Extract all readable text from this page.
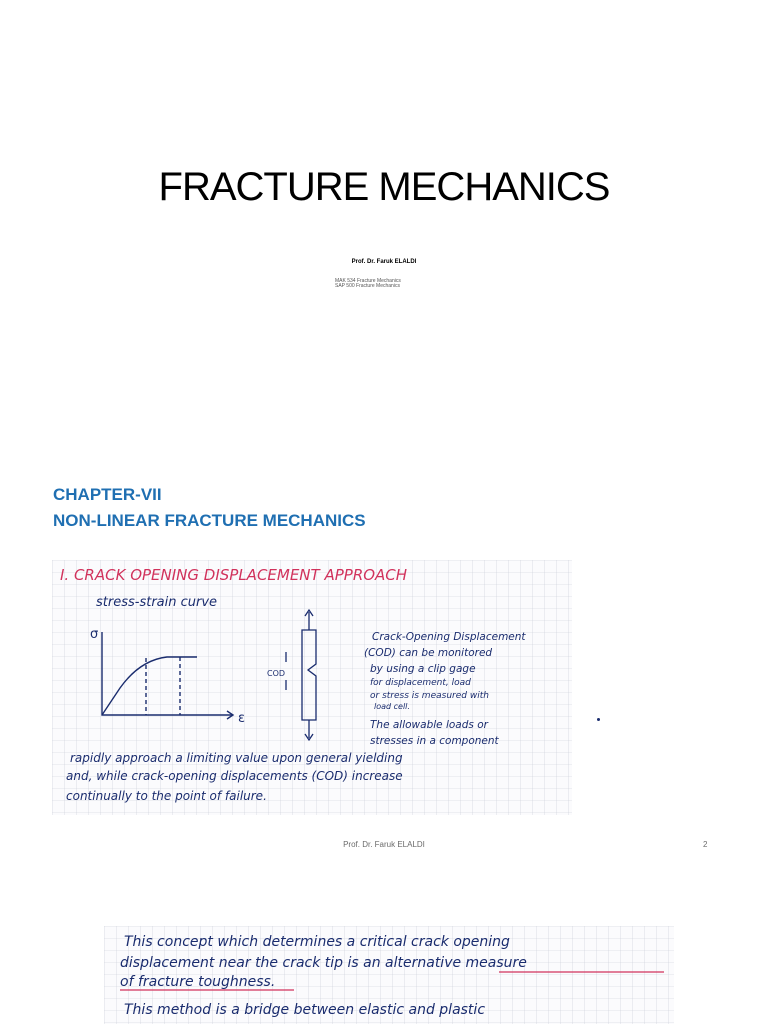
FRACTURE MECHANICS
Prof. Dr. Faruk ELALDI
MAK 534 Fracture Mechanics
SAP 500 Fracture Mechanics
CHAPTER-VII
NON-LINEAR FRACTURE MECHANICS
I. CRACK OPENING DISPLACEMENT APPROACH
stress-strain curve
σ
ε
COD
Crack-Opening Displacement
(COD) can be monitored
by using a clip gage
for displacement, load
or stress is measured with
load cell.
The allowable loads or
stresses in a component
rapidly approach a limiting value upon general yielding
and, while crack-opening displacements (COD) increase
continually to the point of failure.
Prof. Dr. Faruk ELALDI	2
This concept which determines a critical crack opening
displacement near the crack tip is an alternative measure
of fracture toughness.
This method is a bridge between elastic and plastic
